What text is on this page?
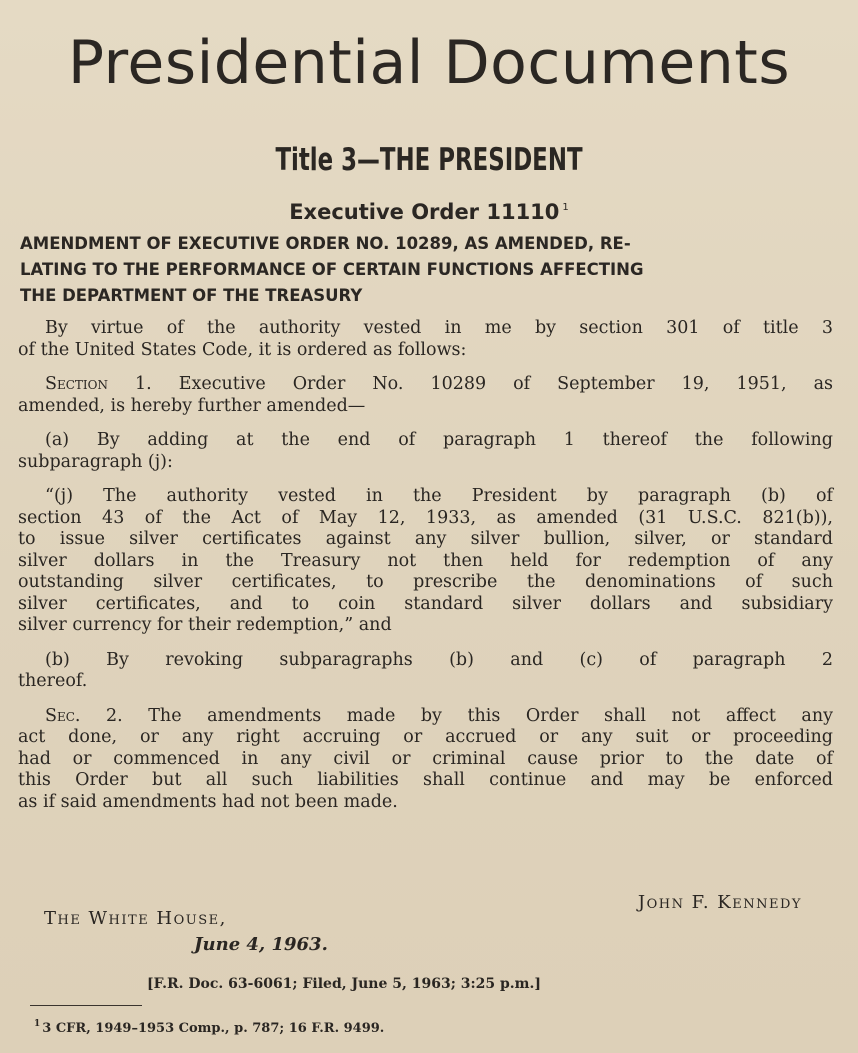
Presidential Documents
Title 3—THE PRESIDENT
Executive Order 11110 $^1$
AMENDMENT OF EXECUTIVE ORDER NO. 10289, AS AMENDED, RE-
LATING TO THE PERFORMANCE OF CERTAIN FUNCTIONS AFFECTING
THE DEPARTMENT OF THE TREASURY

By virtue of the authority vested in me by section 301 of title 3
of the United States Code, it is ordered as follows:

Section 1. Executive Order No. 10289 of September 19, 1951, as
amended, is hereby further amended—

(a) By adding at the end of paragraph 1 thereof the following
subparagraph (j):

“(j) The authority vested in the President by paragraph (b) of
section 43 of the Act of May 12, 1933, as amended (31 U.S.C. 821(b)),
to issue silver certificates against any silver bullion, silver, or standard
silver dollars in the Treasury not then held for redemption of any
outstanding silver certificates, to prescribe the denominations of such
silver certificates, and to coin standard silver dollars and subsidiary
silver currency for their redemption,” and

(b) By revoking subparagraphs (b) and (c) of paragraph 2
thereof.

Sec. 2. The amendments made by this Order shall not affect any
act done, or any right accruing or accrued or any suit or proceeding
had or commenced in any civil or criminal cause prior to the date of
this Order but all such liabilities shall continue and may be enforced
as if said amendments had not been made.

John F. Kennedy
The White House,
June 4, 1963.
[F.R. Doc. 63-6061; Filed, June 5, 1963; 3:25 p.m.]
$^1$ 3 CFR, 1949–1953 Comp., p. 787; 16 F.R. 9499.
